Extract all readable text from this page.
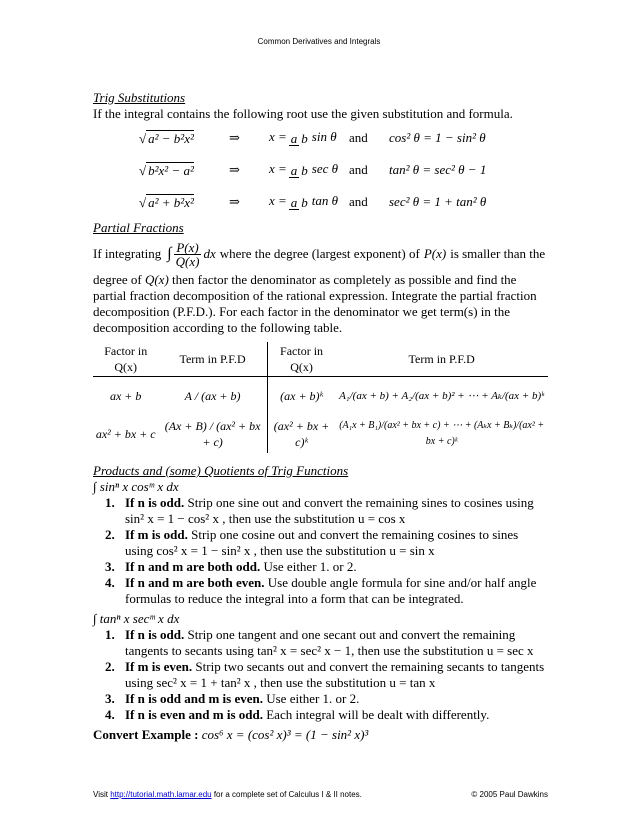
Common Derivatives and Integrals
Trig Substitutions

If the integral contains the following root use the given substitution and formula.

√ a² − b²x²	⇒	x = a b sin θ and	cos² θ = 1 − sin² θ
√ b²x² − a²	⇒	x = a b sec θ and	tan² θ = sec² θ − 1
√ a² + b²x²	⇒	x = a b tan θ and	sec² θ = 1 + tan² θ
Partial Fractions
If integrating ∫ $\frac{P(x)}{Q(x)}$ dx where the degree (largest exponent) of P(x) is smaller than the

degree of Q(x) then factor the denominator as completely as possible and find the partial fraction decomposition of the rational expression. Integrate the partial fraction decomposition (P.F.D.). For each factor in the denominator we get term(s) in the decomposition according to the following table.

Factor in Q(x)	Term in P.F.D	Factor in Q(x)	Term in P.F.D
ax + b	A / (ax + b)	(ax + b)ᵏ	A₁/(ax + b) + A₂/(ax + b)² + ⋯ + Aₖ/(ax + b)ᵏ
ax² + bx + c	(Ax + B) / (ax² + bx + c)	(ax² + bx + c)ᵏ	(A₁x + B₁)/(ax² + bx + c) + ⋯ + (Aₖx + Bₖ)/(ax² + bx + c)ᵏ
Products and (some) Quotients of Trig Functions
∫ sinⁿ x cosᵐ x dx
1. If n is odd. Strip one sine out and convert the remaining sines to cosines using
sin² x = 1 − cos² x , then use the substitution u = cos x
2. If m is odd. Strip one cosine out and convert the remaining cosines to sines
using cos² x = 1 − sin² x , then use the substitution u = sin x
3. If n and m are both odd. Use either 1. or 2.
4. If n and m are both even. Use double angle formula for sine and/or half angle formulas to reduce the integral into a form that can be integrated.
∫ tanⁿ x secᵐ x dx
1. If n is odd. Strip one tangent and one secant out and convert the remaining tangents to secants using tan² x = sec² x − 1, then use the substitution u = sec x
2. If m is even. Strip two secants out and convert the remaining secants to tangents
using sec² x = 1 + tan² x , then use the substitution u = tan x
3. If n is odd and m is even. Use either 1. or 2.
4. If n is even and m is odd. Each integral will be dealt with differently.
Convert Example : cos⁶ x = (cos² x)³ = (1 − sin² x)³
Visit http://tutorial.math.lamar.edu for a complete set of Calculus I & II notes.	© 2005 Paul Dawkins
